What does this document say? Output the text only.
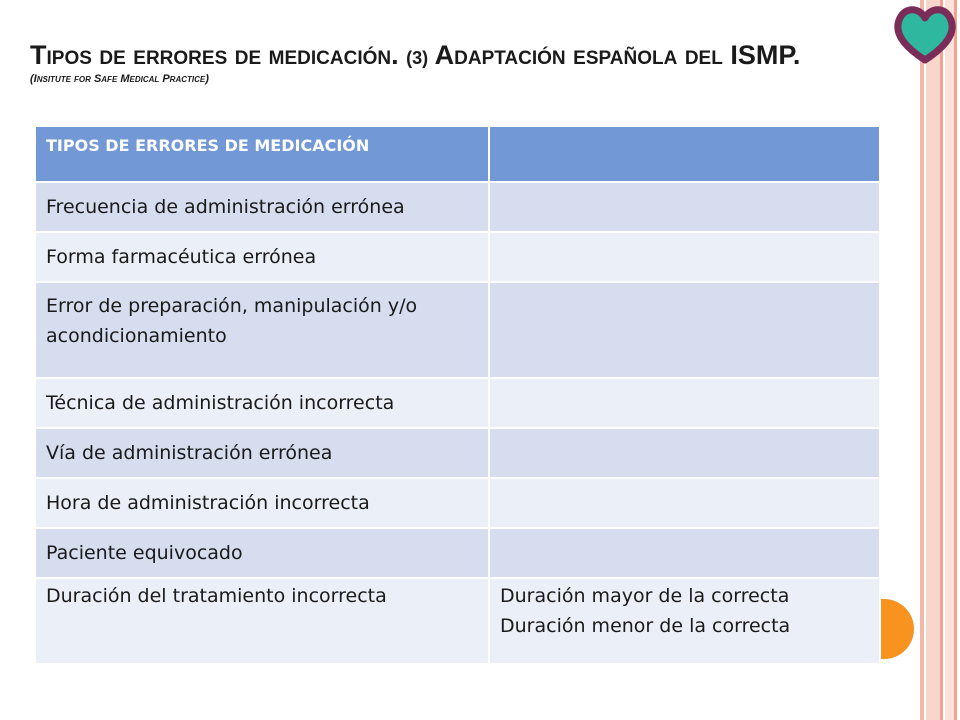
Tipos de errores de medicación. (3) Adaptación española del ISMP.

(Insitute for Safe Medical Practice)

TIPOS DE ERRORES DE MEDICACIÓN	
Frecuencia de administración errónea	
Forma farmacéutica errónea	
Error de preparación, manipulación y/o acondicionamiento	
Técnica de administración incorrecta	
Vía de administración errónea	
Hora de administración incorrecta	
Paciente equivocado	
Duración del tratamiento incorrecta	Duración mayor de la correcta
Duración menor de la correcta
